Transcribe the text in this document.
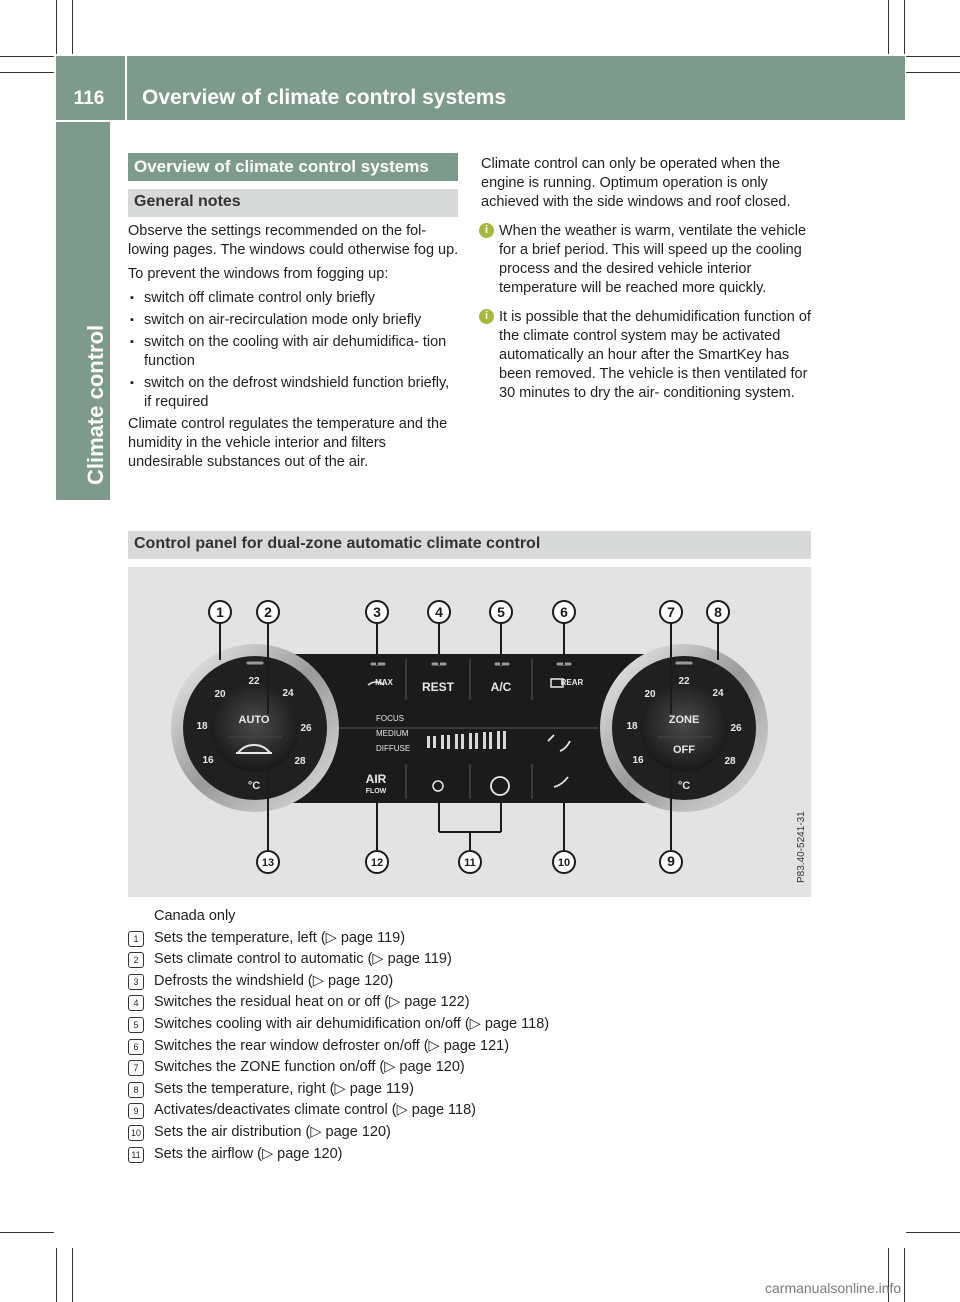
116	Overview of climate control systems
Climate control
Overview of climate control systems
General notes

Observe the settings recommended on the fol- lowing pages. The windows could otherwise fog up.

To prevent the windows from fogging up:

▪ switch off climate control only briefly
▪ switch on air-recirculation mode only briefly
▪ switch on the cooling with air dehumidifica- tion function
▪ switch on the defrost windshield function briefly, if required

Climate control regulates the temperature and the humidity in the vehicle interior and filters undesirable substances out of the air.

Climate control can only be operated when the engine is running. Optimum operation is only achieved with the side windows and roof closed.

i When the weather is warm, ventilate the vehicle for a brief period. This will speed up the cooling process and the desired vehicle interior temperature will be reached more quickly.
i It is possible that the dehumidification function of the climate control system may be activated automatically an hour after the SmartKey has been removed. The vehicle is then ventilated for 30 minutes to dry the air- conditioning system.
Control panel for dual-zone automatic climate control
22
24
26
28
20
18
16
AUTO
°C
22
24
26
28
20
18
16
ZONE
OFF
°C
MAX REST	A/C	REAR
FOCUS
MEDIUM
DIFFUSE
AIR
FLOW
1	2	3	4	5	6	7	8
13	12	11	10	9	P83.40-5241-31
Canada only
1	Sets the temperature, left (▷ page 119)
2	Sets climate control to automatic (▷ page 119)
3	Defrosts the windshield (▷ page 120)
4	Switches the residual heat on or off (▷ page 122)
5	Switches cooling with air dehumidification on/off (▷ page 118)
6	Switches the rear window defroster on/off (▷ page 121)
7	Switches the ZONE function on/off (▷ page 120)
8	Sets the temperature, right (▷ page 119)
9	Activates/deactivates climate control (▷ page 118)
10 Sets the air distribution (▷ page 120)
11 Sets the airflow (▷ page 120)
carmanualsonline.info
